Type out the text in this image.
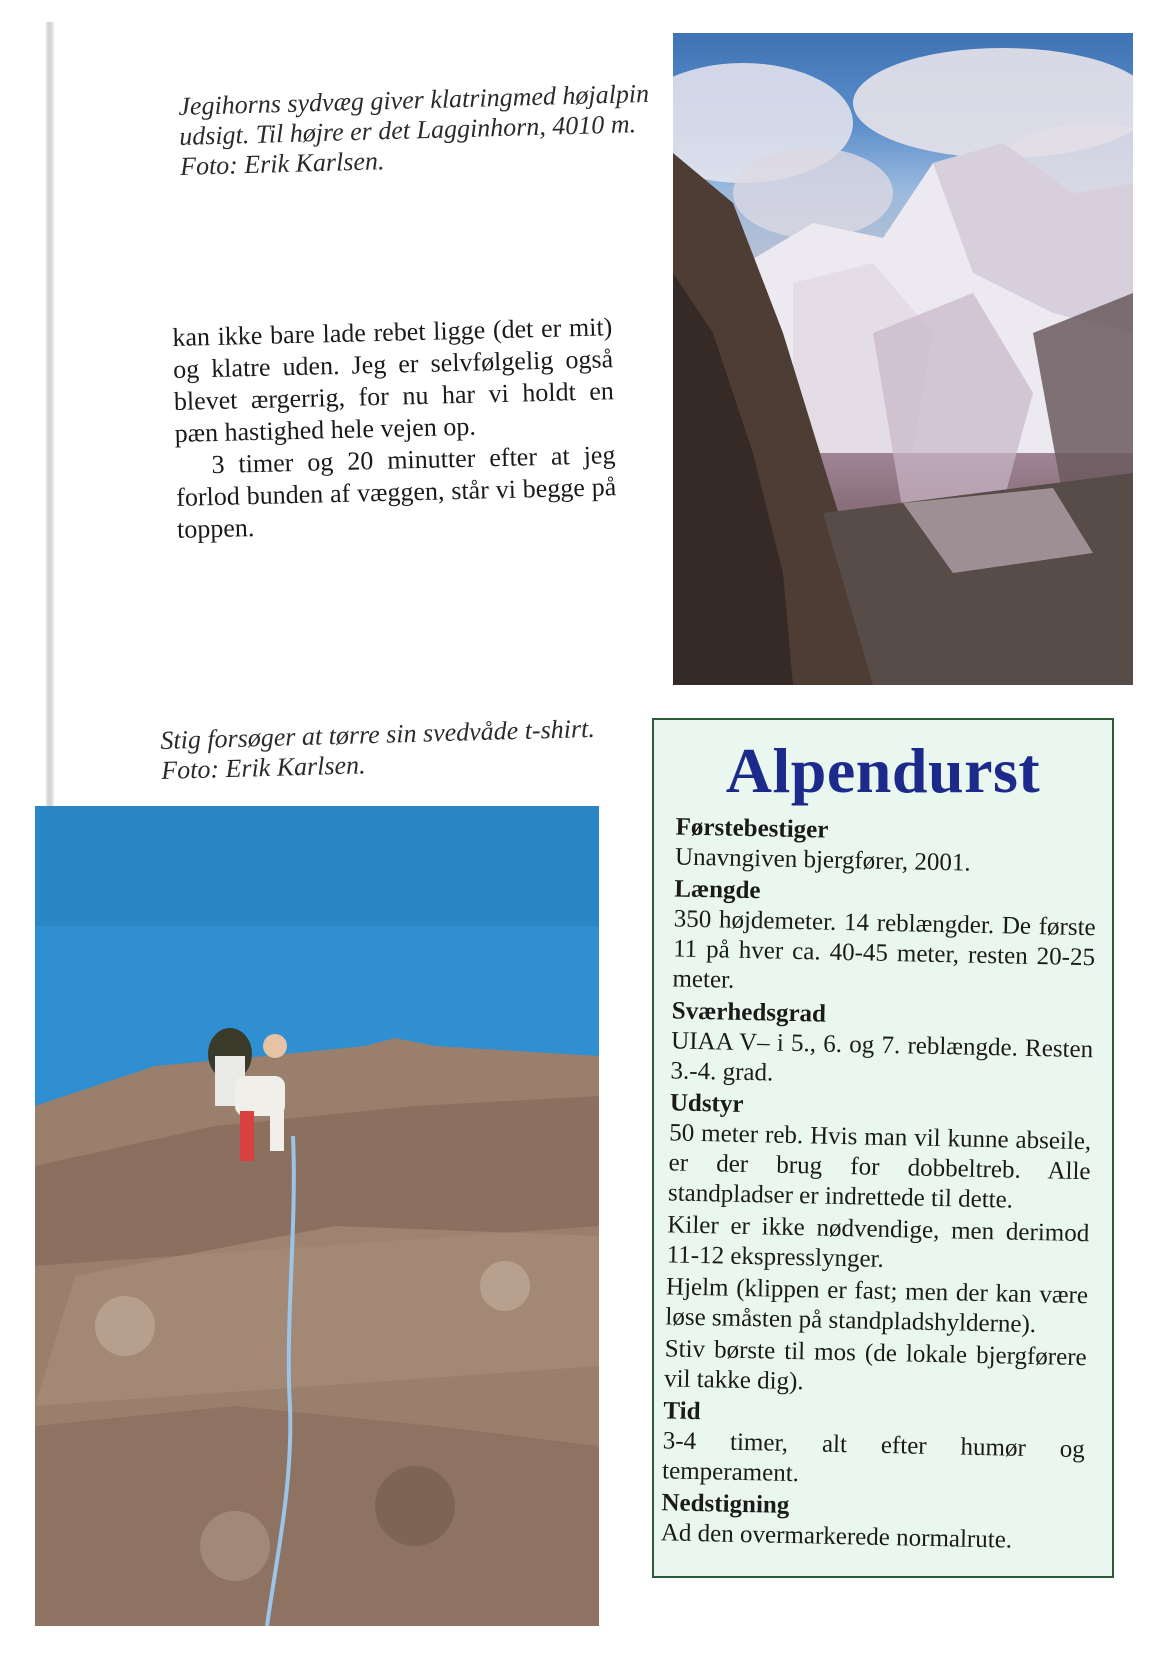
Jegihorns sydvæg giver klatringmed højalpin
udsigt. Til højre er det Lagginhorn, 4010 m.
Foto: Erik Karlsen.

kan ikke bare lade rebet ligge (det er mit) og klatre uden. Jeg er selvfølgelig også blevet ærgerrig, for nu har vi holdt en pæn hastighed hele vejen op.

3 timer og 20 minutter efter at jeg forlod bunden af væggen, står vi begge på toppen.

Stig forsøger at tørre sin svedvåde t-shirt.
Foto: Erik Karlsen.	Alpendurst
Førstebestiger
Unavngiven bjergfører, 2001.
Længde
350 højdemeter. 14 reblængder. De første 11 på hver ca. 40-45 meter, resten 20-25 meter.
Sværhedsgrad
UIAA V– i 5., 6. og 7. reblængde. Resten 3.-4. grad.
Udstyr
50 meter reb. Hvis man vil kunne abseile, er der brug for dobbeltreb. Alle standpladser er indrettede til dette.
Kiler er ikke nødvendige, men derimod 11-12 ekspresslynger.
Hjelm (klippen er fast; men der kan være løse småsten på standpladshylderne).
Stiv børste til mos (de lokale bjergførere vil takke dig).
Tid
3-4 timer, alt efter humør og temperament.
Nedstigning
Ad den overmarkerede normalrute.
